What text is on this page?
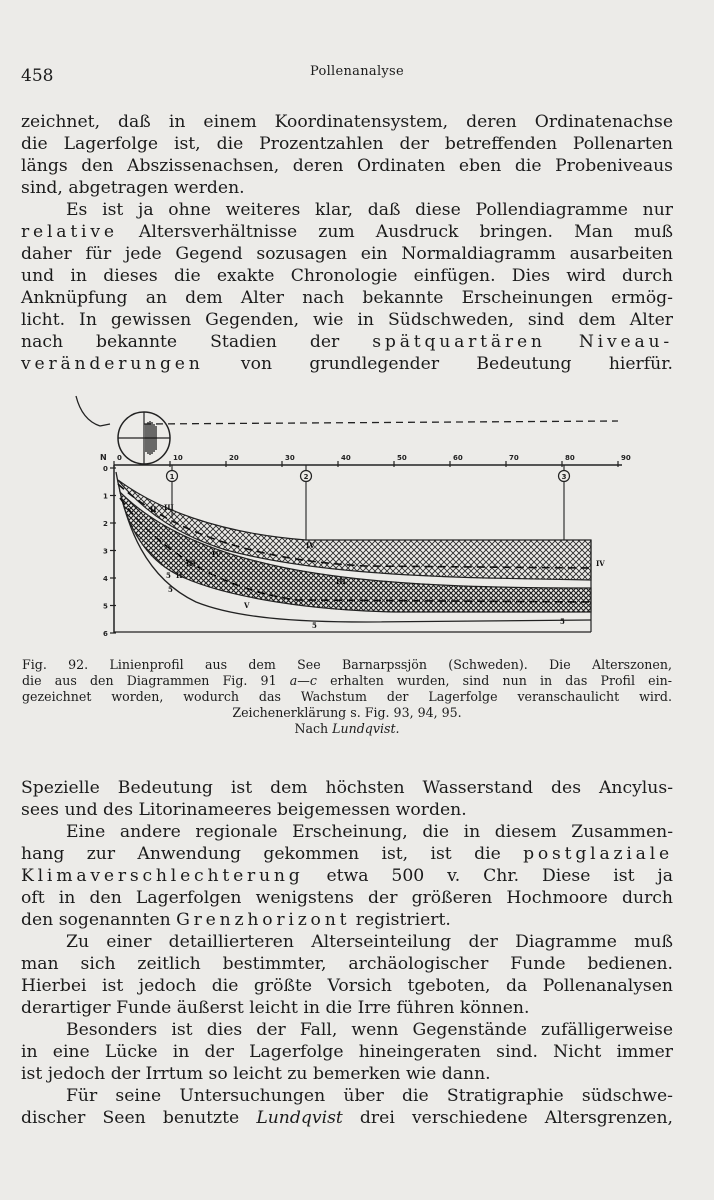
458	Pollenanalyse
zeichnet, daß in einem Koordinatensystem, deren Ordinatenachse
die Lagerfolge ist, die Prozentzahlen der betreffenden Pollenarten
längs den Abszissenachsen, deren Ordinaten eben die Probeniveaus
sind, abgetragen werden.
Es ist ja ohne weiteres klar, daß diese Pollendiagramme nur
relative Altersverhältnisse zum Ausdruck bringen. Man muß
daher für jede Gegend sozusagen ein Normaldiagramm ausarbeiten
und in dieses die exakte Chronologie einfügen. Dies wird durch
Anknüpfung an dem Alter nach bekannte Erscheinungen ermög-
licht. In gewissen Gegenden, wie in Südschweden, sind dem Alter
nach bekannte Stadien der spätquartären Niveau-
veränderungen von grundlegender Bedeutung hierfür.
0	10	20	30	40	50	60	70	80	90
N
0
1
2
3
4
5
6
1	2	3
II III
IV
IV
II
III
V
III
IV
5
5
5	5
Fig. 92. Linienprofil aus dem See Barnarpssjön (Schweden). Die Alterszonen,
die aus den Diagrammen Fig. 91 a—c erhalten wurden, sind nun in das Profil ein-
gezeichnet worden, wodurch das Wachstum der Lagerfolge veranschaulicht wird.
Zeichenerklärung s. Fig. 93, 94, 95.
Nach Lundqvist.
Spezielle Bedeutung ist dem höchsten Wasserstand des Ancylus-
sees und des Litorinameeres beigemessen worden.
Eine andere regionale Erscheinung, die in diesem Zusammen-
hang zur Anwendung gekommen ist, ist die postglaziale
Klimaverschlechterung etwa 500 v. Chr. Diese ist ja
oft in den Lagerfolgen wenigstens der größeren Hochmoore durch
den sogenannten Grenzhorizont registriert.
Zu einer detaillierteren Alterseinteilung der Diagramme muß
man sich zeitlich bestimmter, archäologischer Funde bedienen.
Hierbei ist jedoch die größte Vorsich tgeboten, da Pollenanalysen
derartiger Funde äußerst leicht in die Irre führen können.
Besonders ist dies der Fall, wenn Gegenstände zufälligerweise
in eine Lücke in der Lagerfolge hineingeraten sind. Nicht immer
ist jedoch der Irrtum so leicht zu bemerken wie dann.
Für seine Untersuchungen über die Stratigraphie südschwe-
discher Seen benutzte Lundqvist drei verschiedene Altersgrenzen,
